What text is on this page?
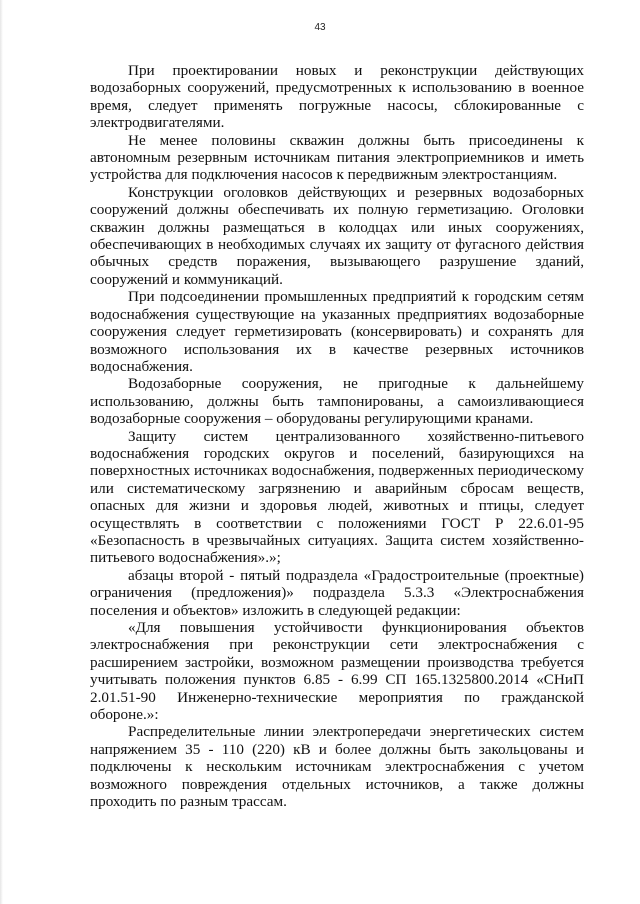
43

При проектировании новых и реконструкции действующих водозаборных сооружений, предусмотренных к использованию в военное время, следует применять погружные насосы, сблокированные с электродвигателями.

Не менее половины скважин должны быть присоединены к автономным резервным источникам питания электроприемников и иметь устройства для подключения насосов к передвижным электростанциям.

Конструкции оголовков действующих и резервных водозаборных сооружений должны обеспечивать их полную герметизацию. Оголовки скважин должны размещаться в колодцах или иных сооружениях, обеспечивающих в необходимых случаях их защиту от фугасного действия обычных средств поражения, вызывающего разрушение зданий, сооружений и коммуникаций.

При подсоединении промышленных предприятий к городским сетям водоснабжения существующие на указанных предприятиях водозаборные сооружения следует герметизировать (консервировать) и сохранять для возможного использования их в качестве резервных источников водоснабжения.

Водозаборные сооружения, не пригодные к дальнейшему использованию, должны быть тампонированы, а самоизливающиеся водозаборные сооружения – оборудованы регулирующими кранами.

Защиту систем централизованного хозяйственно-питьевого водоснабжения городских округов и поселений, базирующихся на поверхностных источниках водоснабжения, подверженных периодическому или систематическому загрязнению и аварийным сбросам веществ, опасных для жизни и здоровья людей, животных и птицы, следует осуществлять в соответствии с положениями ГОСТ Р 22.6.01-95 «Безопасность в чрезвычайных ситуациях. Защита систем хозяйственно-питьевого водоснабжения».»;

абзацы второй - пятый подраздела «Градостроительные (проектные) ограничения (предложения)» подраздела 5.3.3 «Электроснабжения поселения и объектов» изложить в следующей редакции:

«Для повышения устойчивости функционирования объектов электроснабжения при реконструкции сети электроснабжения с расширением застройки, возможном размещении производства требуется учитывать положения пунктов 6.85 - 6.99 СП 165.1325800.2014 «СНиП 2.01.51-90 Инженерно-технические мероприятия по гражданской обороне.»:

Распределительные линии электропередачи энергетических систем напряжением 35 - 110 (220) кВ и более должны быть закольцованы и подключены к нескольким источникам электроснабжения с учетом возможного повреждения отдельных источников, а также должны проходить по разным трассам.
